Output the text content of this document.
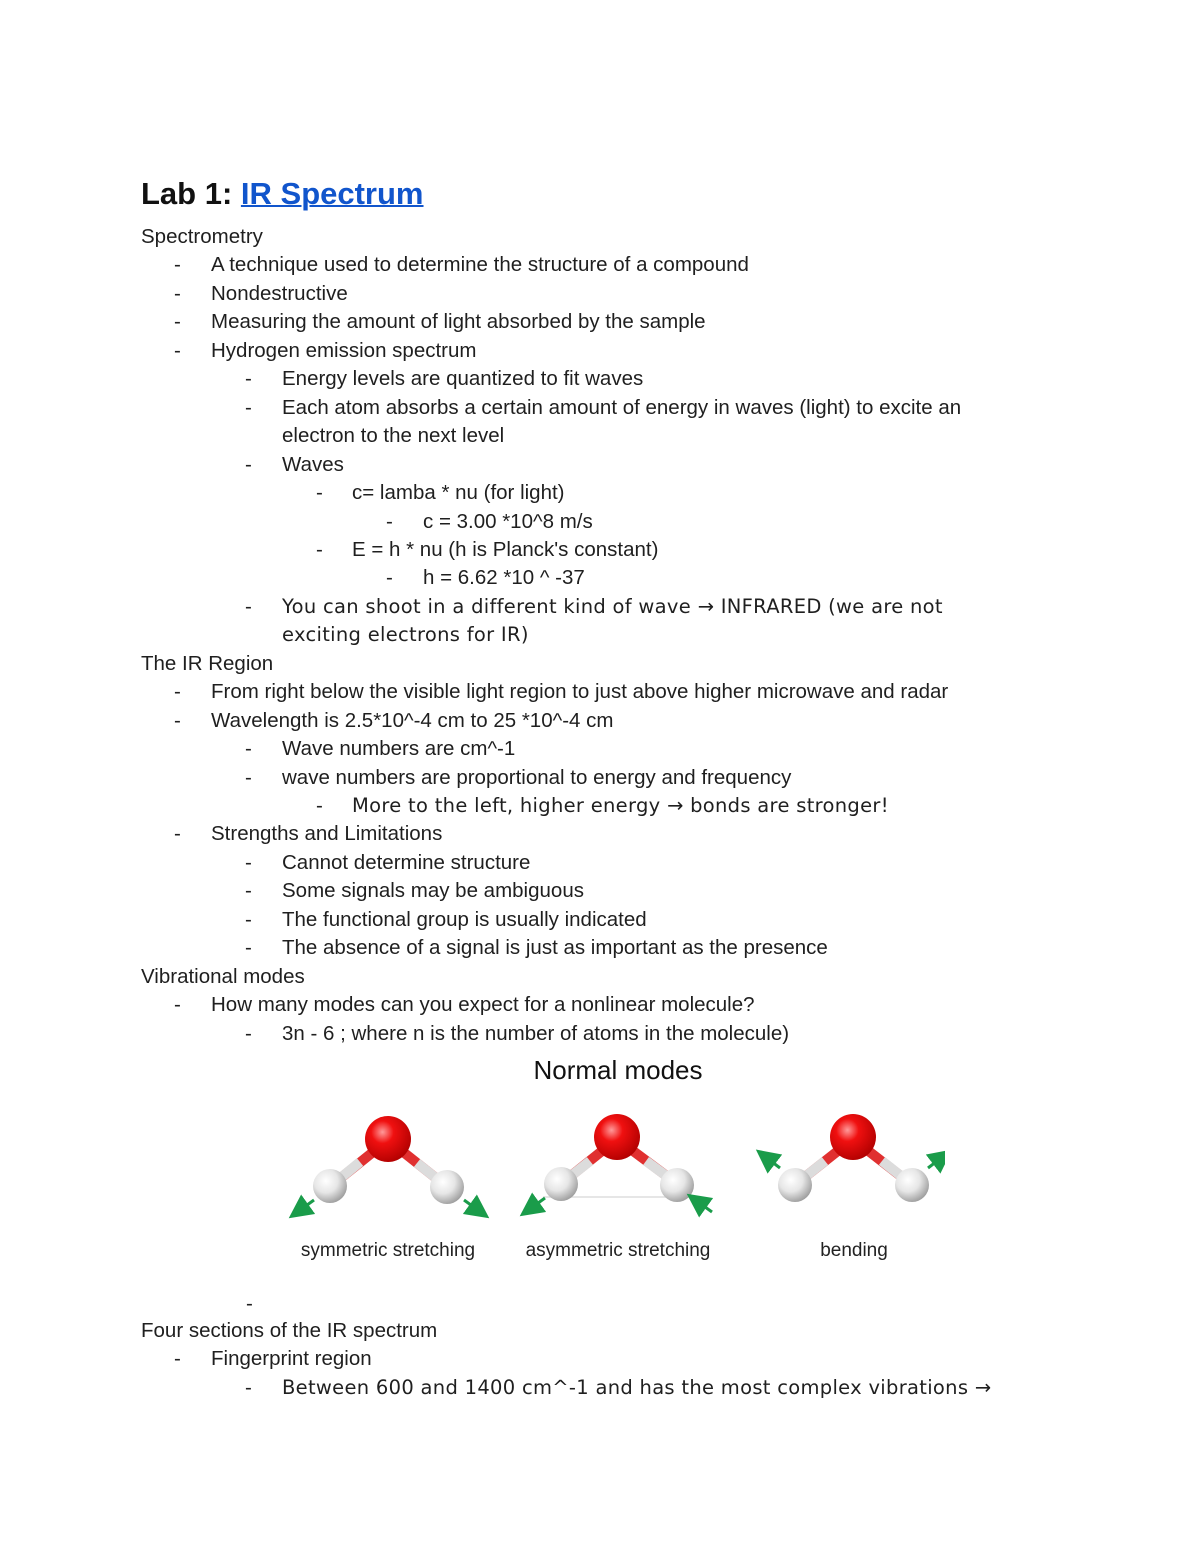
Lab 1: IR Spectrum
Spectrometry
- A technique used to determine the structure of a compound
- Nondestructive
- Measuring the amount of light absorbed by the sample
- Hydrogen emission spectrum
- Energy levels are quantized to fit waves
- Each atom absorbs a certain amount of energy in waves (light) to excite an
electron to the next level
- Waves
- c= lamba * nu (for light)
- c = 3.00 *10^8 m/s
- E = h * nu (h is Planck's constant)
- h = 6.62 *10 ^ -37
- You can shoot in a different kind of wave → INFRARED (we are not
exciting electrons for IR)
The IR Region
- From right below the visible light region to just above higher microwave and radar
- Wavelength is 2.5*10^-4 cm to 25 *10^-4 cm
- Wave numbers are cm^-1
- wave numbers are proportional to energy and frequency
- More to the left, higher energy → bonds are stronger!
- Strengths and Limitations
- Cannot determine structure
- Some signals may be ambiguous
- The functional group is usually indicated
- The absence of a signal is just as important as the presence
Vibrational modes
- How many modes can you expect for a nonlinear molecule?
- 3n - 6 ; where n is the number of atoms in the molecule)
Normal modes
symmetric stretching	asymmetric stretching	bending
-
Four sections of the IR spectrum
- Fingerprint region
- Between 600 and 1400 cm^-1 and has the most complex vibrations →
